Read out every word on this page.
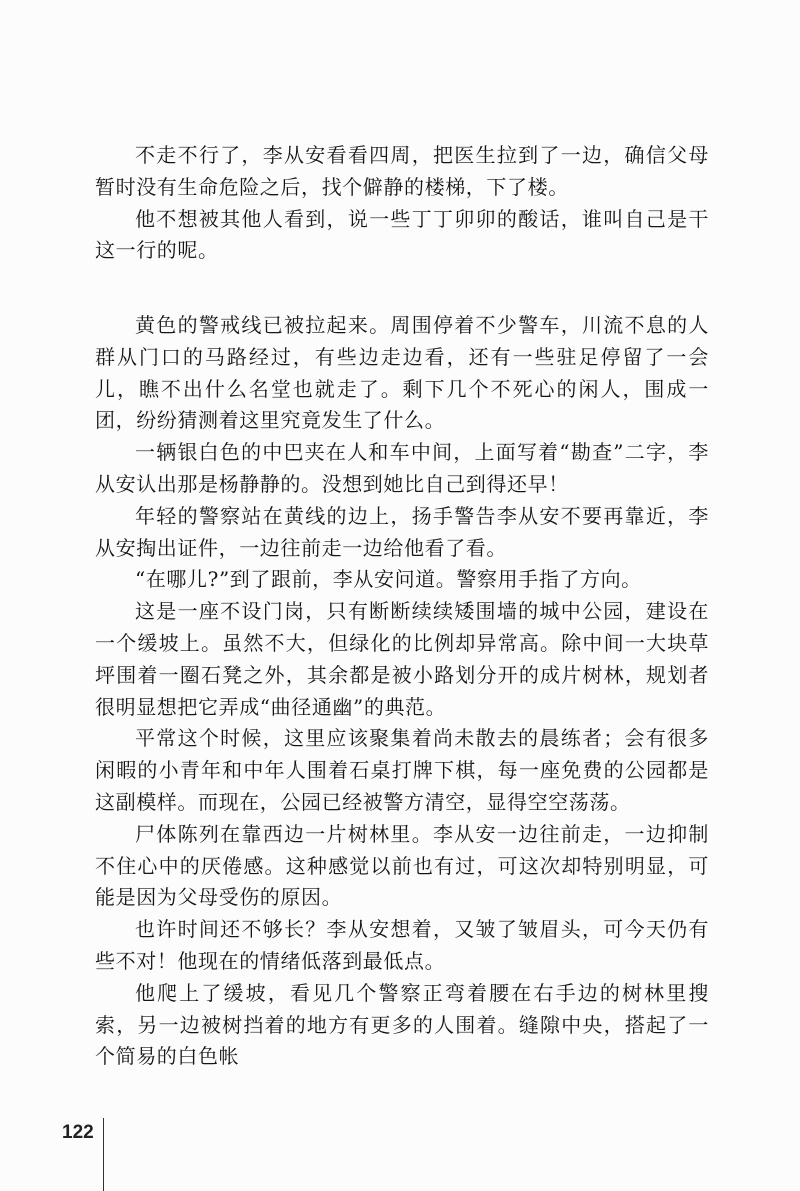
不走不行了，李从安看看四周，把医生拉到了一边，确信父母暂时没有生命危险之后，找个僻静的楼梯，下了楼。

他不想被其他人看到，说一些丁丁卯卯的酸话，谁叫自己是干这一行的呢。

黄色的警戒线已被拉起来。周围停着不少警车，川流不息的人群从门口的马路经过，有些边走边看，还有一些驻足停留了一会儿，瞧不出什么名堂也就走了。剩下几个不死心的闲人，围成一团，纷纷猜测着这里究竟发生了什么。

一辆银白色的中巴夹在人和车中间，上面写着“勘查”二字，李从安认出那是杨静静的。没想到她比自己到得还早！

年轻的警察站在黄线的边上，扬手警告李从安不要再靠近，李从安掏出证件，一边往前走一边给他看了看。

“在哪儿?”到了跟前，李从安问道。警察用手指了方向。

这是一座不设门岗，只有断断续续矮围墙的城中公园，建设在一个缓坡上。虽然不大，但绿化的比例却异常高。除中间一大块草坪围着一圈石凳之外，其余都是被小路划分开的成片树林，规划者很明显想把它弄成“曲径通幽”的典范。

平常这个时候，这里应该聚集着尚未散去的晨练者；会有很多闲暇的小青年和中年人围着石桌打牌下棋，每一座免费的公园都是这副模样。而现在，公园已经被警方清空，显得空空荡荡。

尸体陈列在靠西边一片树林里。李从安一边往前走，一边抑制不住心中的厌倦感。这种感觉以前也有过，可这次却特别明显，可能是因为父母受伤的原因。

也许时间还不够长？李从安想着，又皱了皱眉头，可今天仍有些不对！他现在的情绪低落到最低点。

他爬上了缓坡，看见几个警察正弯着腰在右手边的树林里搜索，另一边被树挡着的地方有更多的人围着。缝隙中央，搭起了一个简易的白色帐

122
